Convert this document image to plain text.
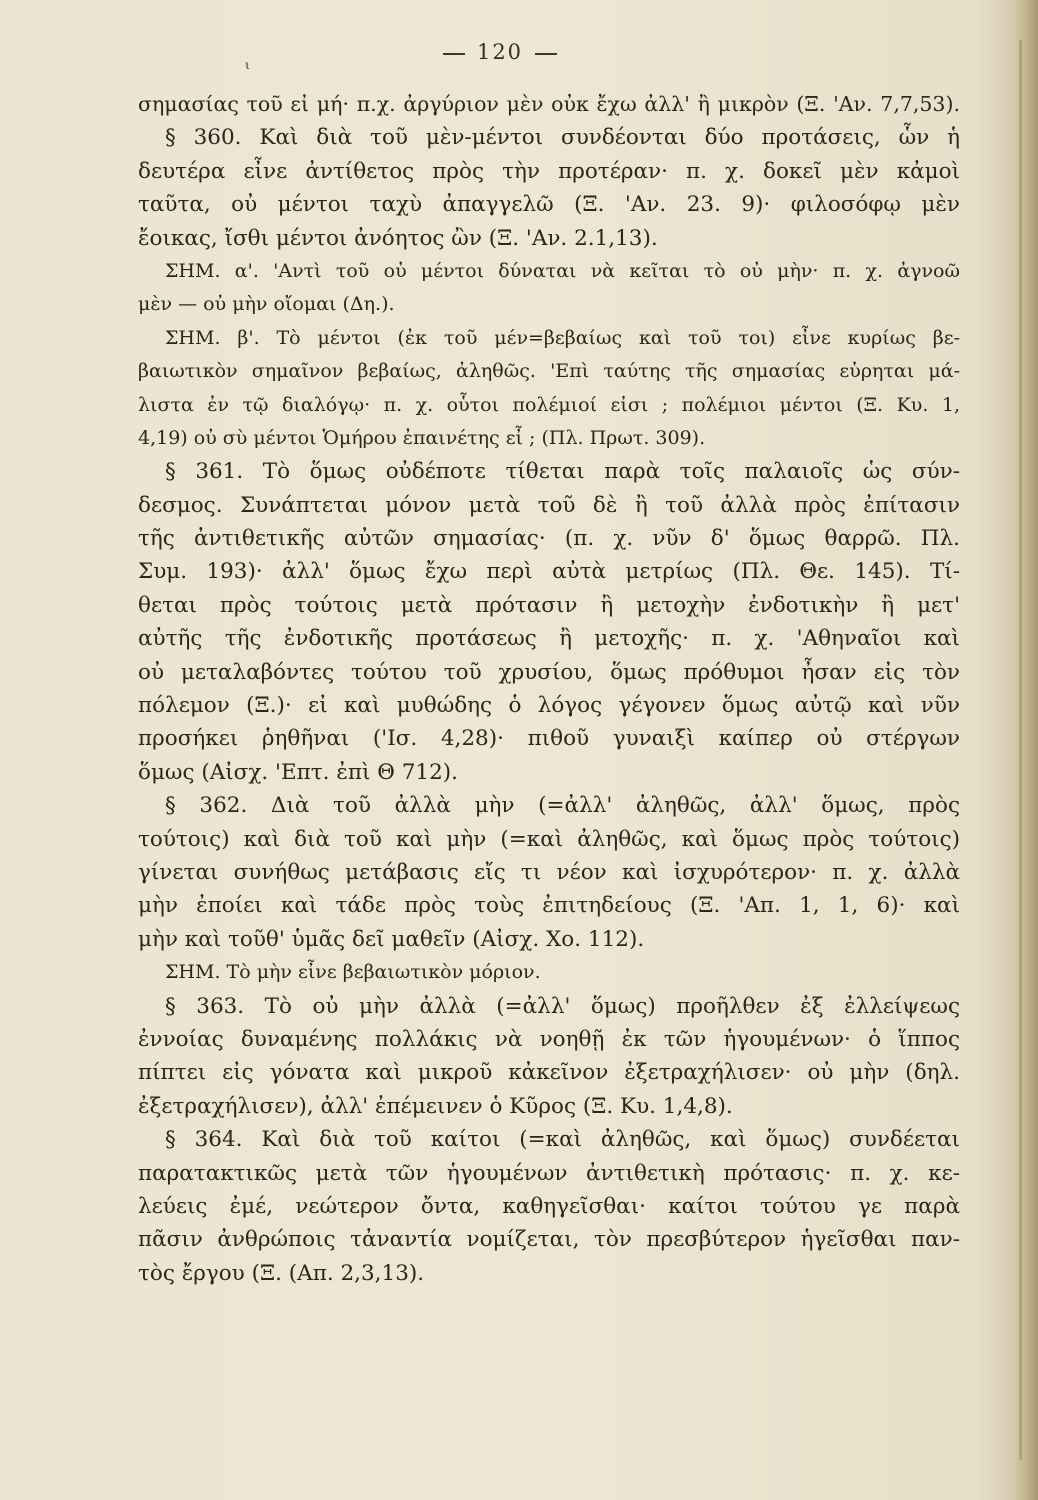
ι
120
σημασίας τοῦ εἰ μή· π.χ. ἀργύριον μὲν οὐκ ἔχω ἀλλ' ἢ μικρὸν (Ξ. 'Αν. 7,7,53).
§ 360. Καὶ διὰ τοῦ μὲν-μέντοι συνδέονται δύο προτάσεις, ὧν ἡ
δευτέρα εἶνε ἀντίθετος πρὸς τὴν προτέραν· π. χ. δοκεῖ μὲν κἀμοὶ
ταῦτα, οὐ μέντοι ταχὺ ἀπαγγελῶ (Ξ. 'Αν. 23. 9)· φιλοσόφῳ μὲν
ἔοικας, ἴσθι μέντοι ἀνόητος ὢν (Ξ. 'Αν. 2.1,13).
ΣΗΜ. α'. 'Αντὶ τοῦ οὐ μέντοι δύναται νὰ κεῖται τὸ οὐ μὴν· π. χ. ἀγνοῶ
μὲν — οὐ μὴν οἴομαι (Δη.).
ΣΗΜ. β'. Τὸ μέντοι (ἐκ τοῦ μέν=βεβαίως καὶ τοῦ τοι) εἶνε κυρίως βε-
βαιωτικὸν σημαῖνον βεβαίως, ἀληθῶς. 'Επὶ ταύτης τῆς σημασίας εὑρηται μά-
λιστα ἐν τῷ διαλόγῳ· π. χ. οὗτοι πολέμιοί εἰσι ; πολέμιοι μέντοι (Ξ. Κυ. 1,
4,19) οὐ σὺ μέντοι Ὁμήρου ἐπαινέτης εἶ ; (Πλ. Πρωτ. 309).
§ 361. Τὸ ὅμως οὐδέποτε τίθεται παρὰ τοῖς παλαιοῖς ὡς σύν-
δεσμος. Συνάπτεται μόνον μετὰ τοῦ δὲ ἢ τοῦ ἀλλὰ πρὸς ἐπίτασιν
τῆς ἀντιθετικῆς αὐτῶν σημασίας· (π. χ. νῦν δ' ὅμως θαρρῶ. Πλ.
Συμ. 193)· ἀλλ' ὅμως ἔχω περὶ αὐτὰ μετρίως (Πλ. Θε. 145). Τί-
θεται πρὸς τούτοις μετὰ πρότασιν ἢ μετοχὴν ἐνδοτικὴν ἢ μετ'
αὐτῆς τῆς ἐνδοτικῆς προτάσεως ἢ μετοχῆς· π. χ. 'Αθηναῖοι καὶ
οὐ μεταλαβόντες τούτου τοῦ χρυσίου, ὅμως πρόθυμοι ἦσαν εἰς τὸν
πόλεμον (Ξ.)· εἰ καὶ μυθώδης ὁ λόγος γέγονεν ὅμως αὐτῷ καὶ νῦν
προσήκει ῥηθῆναι ('Ισ. 4,28)· πιθοῦ γυναιξὶ καίπερ οὐ στέργων
ὅμως (Αἰσχ. 'Επτ. ἐπὶ Θ 712).
§ 362. Διὰ τοῦ ἀλλὰ μὴν (=ἀλλ' ἀληθῶς, ἀλλ' ὅμως, πρὸς
τούτοις) καὶ διὰ τοῦ καὶ μὴν (=καὶ ἀληθῶς, καὶ ὅμως πρὸς τούτοις)
γίνεται συνήθως μετάβασις εἴς τι νέον καὶ ἰσχυρότερον· π. χ. ἀλλὰ
μὴν ἐποίει καὶ τάδε πρὸς τοὺς ἐπιτηδείους (Ξ. 'Απ. 1, 1, 6)· καὶ
μὴν καὶ τοῦθ' ὑμᾶς δεῖ μαθεῖν (Αἰσχ. Χο. 112).
ΣΗΜ. Τὸ μὴν εἶνε βεβαιωτικὸν μόριον.
§ 363. Τὸ οὐ μὴν ἀλλὰ (=ἀλλ' ὅμως) προῆλθεν ἐξ ἐλλείψεως
ἐννοίας δυναμένης πολλάκις νὰ νοηθῇ ἐκ τῶν ἡγουμένων· ὁ ἵππος
πίπτει εἰς γόνατα καὶ μικροῦ κἀκεῖνον ἐξετραχήλισεν· οὐ μὴν (δηλ.
ἐξετραχήλισεν), ἀλλ' ἐπέμεινεν ὁ Κῦρος (Ξ. Κυ. 1,4,8).
§ 364. Καὶ διὰ τοῦ καίτοι (=καὶ ἀληθῶς, καὶ ὅμως) συνδέεται
παρατακτικῶς μετὰ τῶν ἡγουμένων ἀντιθετικὴ πρότασις· π. χ. κε-
λεύεις ἐμέ, νεώτερον ὄντα, καθηγεῖσθαι· καίτοι τούτου γε παρὰ
πᾶσιν ἀνθρώποις τἀναντία νομίζεται, τὸν πρεσβύτερον ἡγεῖσθαι παν-
τὸς ἔργου (Ξ. (Απ. 2,3,13).
